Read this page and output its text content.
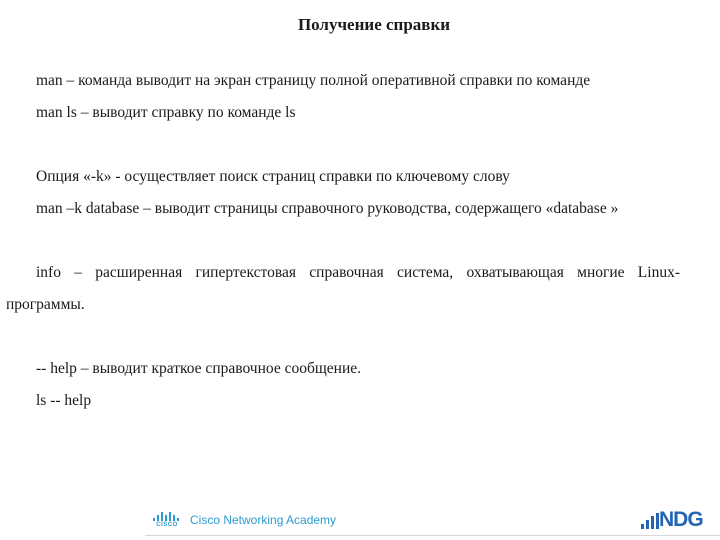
Получение справки

man – команда выводит на экран страницу полной оперативной справки по команде

man ls – выводит справку по команде ls

Опция «-k» - осуществляет поиск страниц справки по ключевому слову

man –k database – выводит страницы справочного руководства, содержащего «database »

info – расширенная гипертекстовая справочная система, охватывающая многие Linux-программы.

-- help – выводит краткое справочное сообщение.

ls -- help

CISCO	Cisco Networking Academy	NDG
